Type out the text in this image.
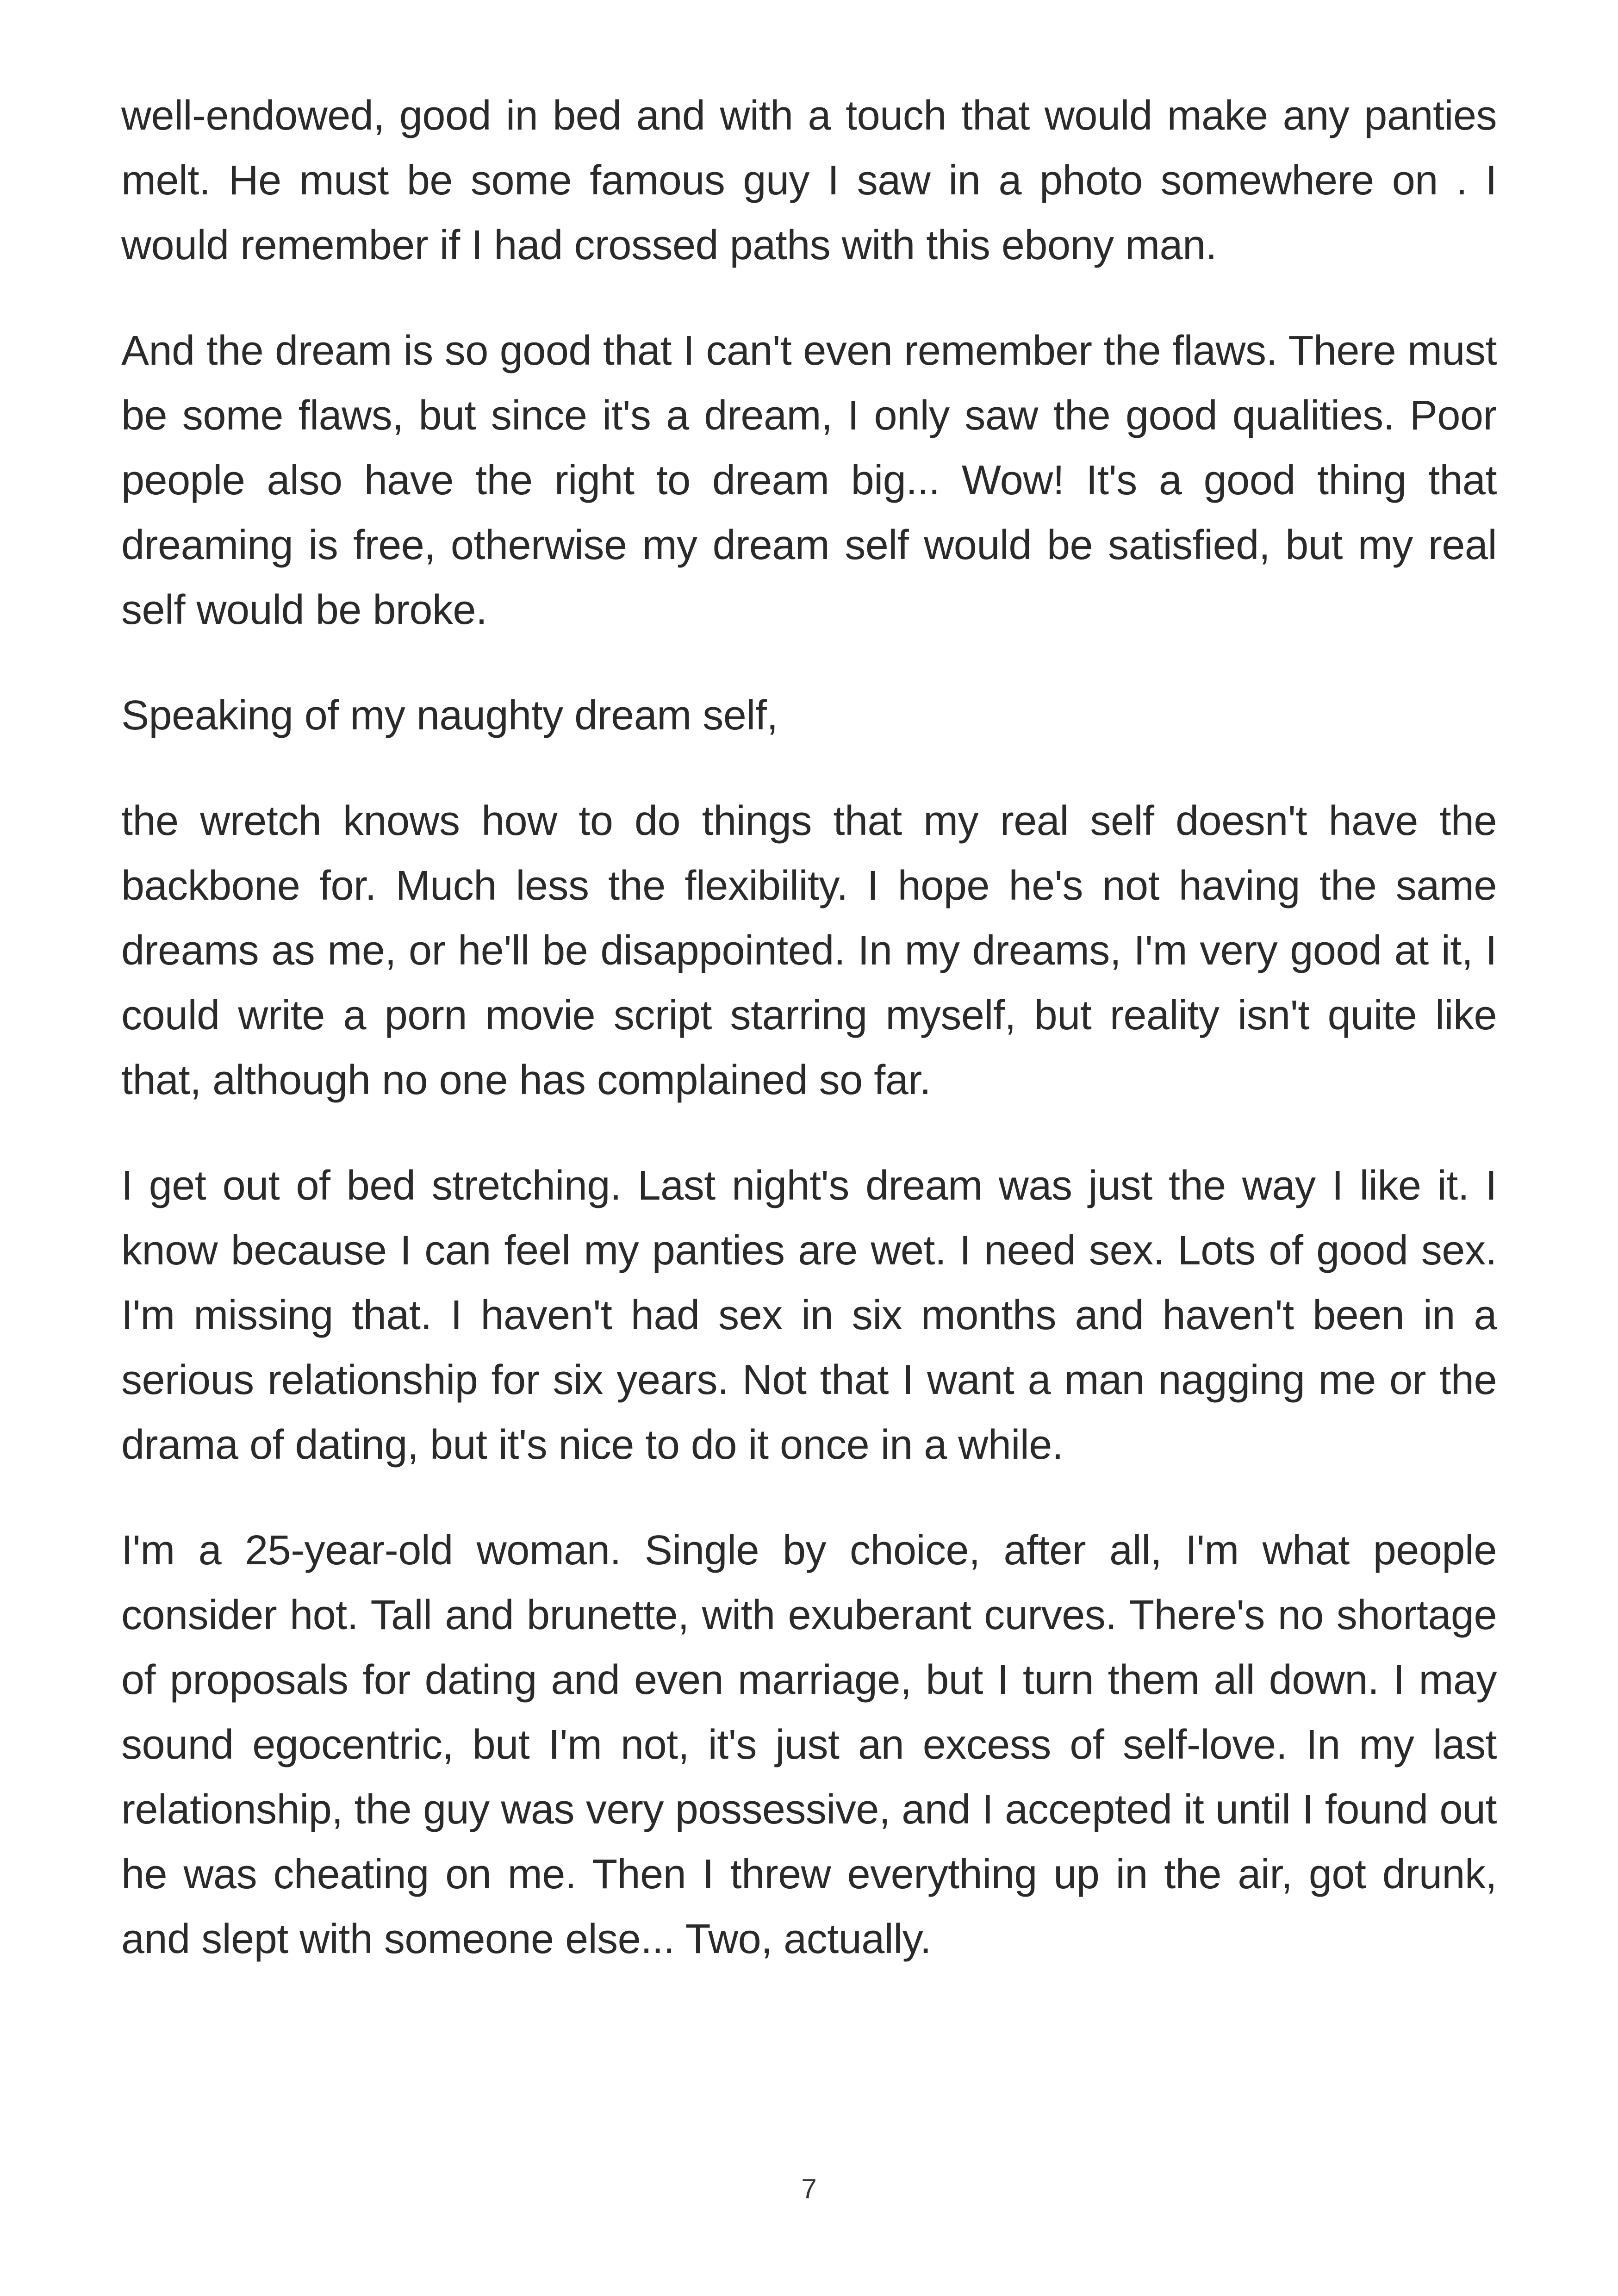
well-endowed, good in bed and with a touch that would make any panties melt. He must be some famous guy I saw in a photo somewhere on . I would remember if I had crossed paths with this ebony man.

And the dream is so good that I can't even remember the flaws. There must be some flaws, but since it's a dream, I only saw the good qualities. Poor people also have the right to dream big... Wow! It's a good thing that dreaming is free, otherwise my dream self would be satisfied, but my real self would be broke.

Speaking of my naughty dream self,

the wretch knows how to do things that my real self doesn't have the backbone for. Much less the flexibility. I hope he's not having the same dreams as me, or he'll be disappointed. In my dreams, I'm very good at it, I could write a porn movie script starring myself, but reality isn't quite like that, although no one has complained so far.

I get out of bed stretching. Last night's dream was just the way I like it. I know because I can feel my panties are wet. I need sex. Lots of good sex. I'm missing that. I haven't had sex in six months and haven't been in a serious relationship for six years. Not that I want a man nagging me or the drama of dating, but it's nice to do it once in a while.

I'm a 25-year-old woman. Single by choice, after all, I'm what people consider hot. Tall and brunette, with exuberant curves. There's no shortage of proposals for dating and even marriage, but I turn them all down. I may sound egocentric, but I'm not, it's just an excess of self-love. In my last relationship, the guy was very possessive, and I accepted it until I found out he was cheating on me. Then I threw everything up in the air, got drunk, and slept with someone else... Two, actually.

7
